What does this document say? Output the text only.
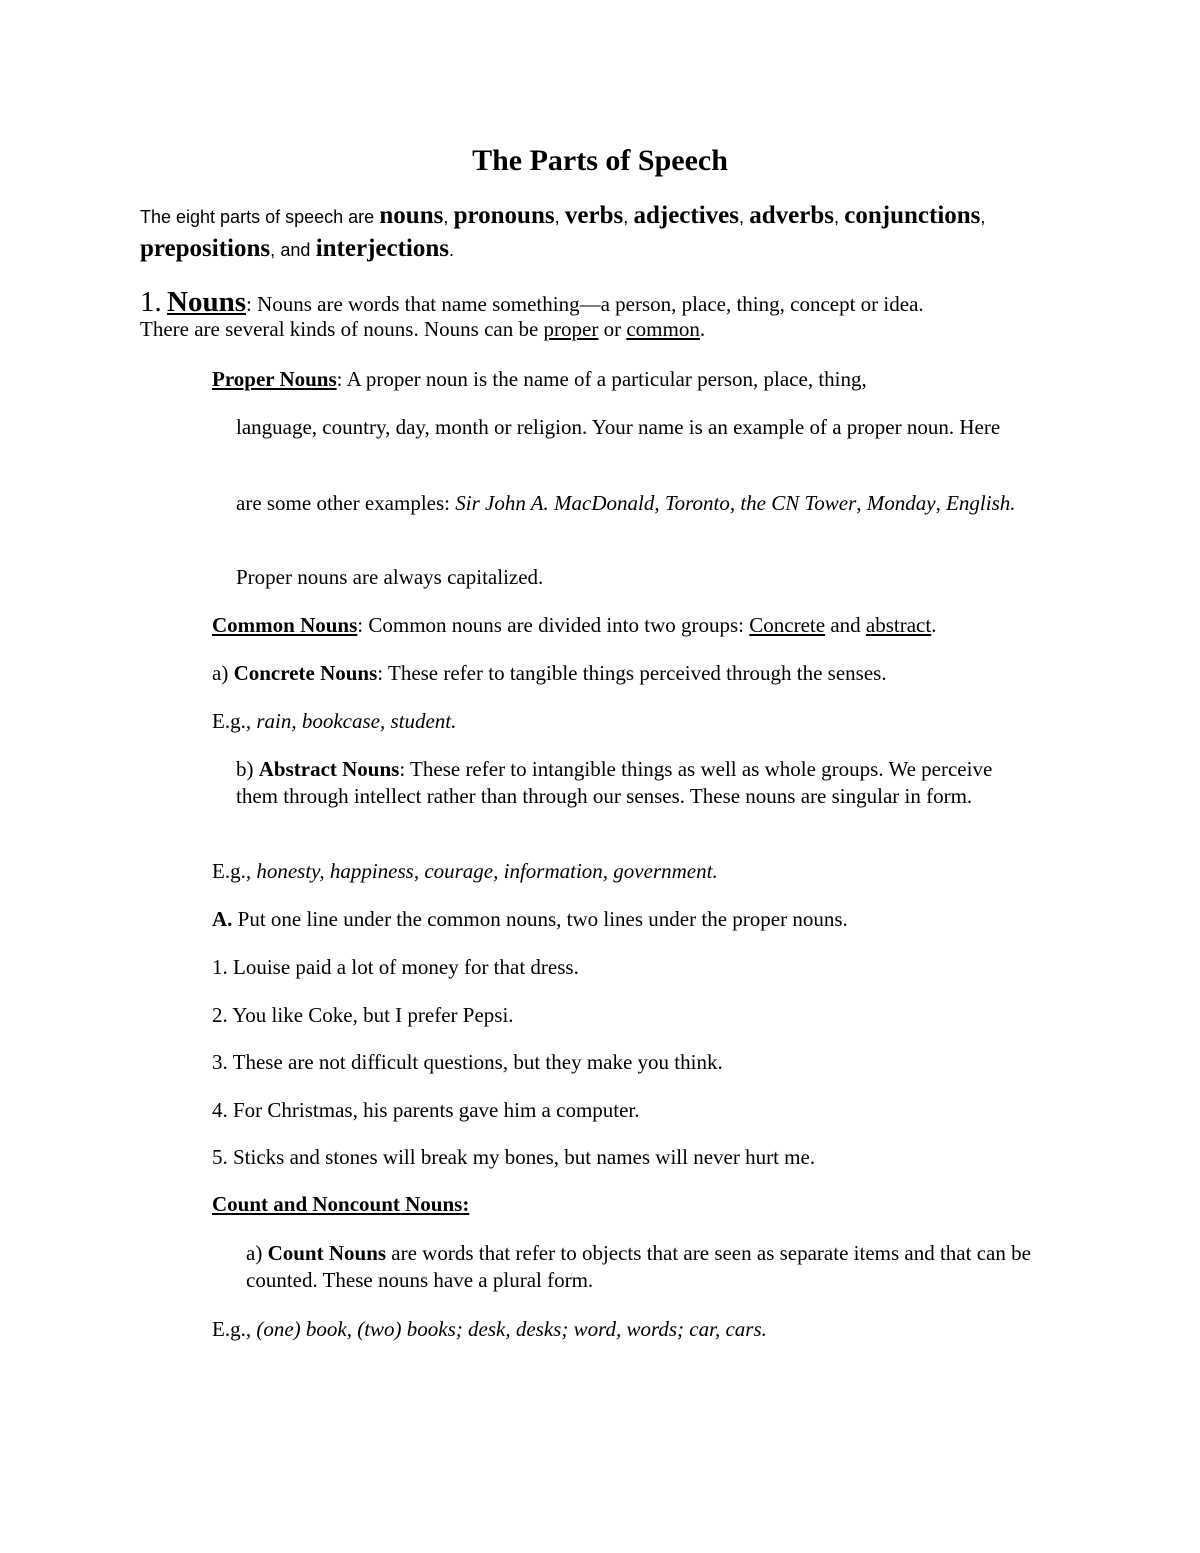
The Parts of Speech

The eight parts of speech are nouns, pronouns, verbs, adjectives, adverbs, conjunctions, prepositions, and interjections.

1. Nouns: Nouns are words that name something—a person, place, thing, concept or idea.

There are several kinds of nouns. Nouns can be proper or common.

Proper Nouns: A proper noun is the name of a particular person, place, thing,

language, country, day, month or religion. Your name is an example of a proper noun. Here

are some other examples: Sir John A. MacDonald, Toronto, the CN Tower, Monday, English.

Proper nouns are always capitalized.

Common Nouns: Common nouns are divided into two groups: Concrete and abstract.

a) Concrete Nouns: These refer to tangible things perceived through the senses.

E.g., rain, bookcase, student.

b) Abstract Nouns: These refer to intangible things as well as whole groups. We perceive them through intellect rather than through our senses. These nouns are singular in form.

E.g., honesty, happiness, courage, information, government.

A. Put one line under the common nouns, two lines under the proper nouns.

1. Louise paid a lot of money for that dress.

2. You like Coke, but I prefer Pepsi.

3. These are not difficult questions, but they make you think.

4. For Christmas, his parents gave him a computer.

5. Sticks and stones will break my bones, but names will never hurt me.

Count and Noncount Nouns:

a) Count Nouns are words that refer to objects that are seen as separate items and that can be counted. These nouns have a plural form.

E.g., (one) book, (two) books; desk, desks; word, words; car, cars.
